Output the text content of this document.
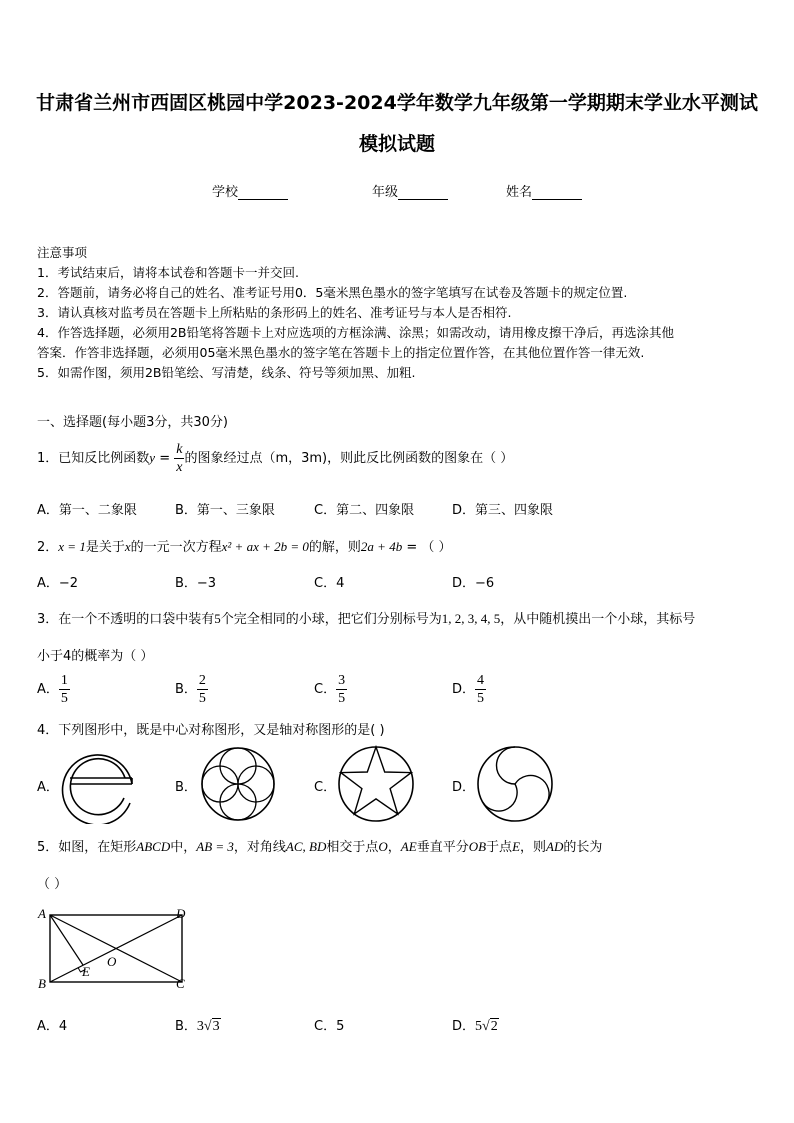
甘肃省兰州市西固区桃园中学2023-2024学年数学九年级第一学期期末学业水平测试
模拟试题
学校	年级	姓名
注意事项
1．考试结束后，请将本试卷和答题卡一并交回.
2．答题前，请务必将自己的姓名、准考证号用0．5毫米黑色墨水的签字笔填写在试卷及答题卡的规定位置.
3．请认真核对监考员在答题卡上所粘贴的条形码上的姓名、准考证号与本人是否相符.
4．作答选择题，必须用2B铅笔将答题卡上对应选项的方框涂满、涂黑；如需改动，请用橡皮擦干净后，再选涂其他
答案．作答非选择题，必须用05毫米黑色墨水的签字笔在答题卡上的指定位置作答，在其他位置作答一律无效.
5．如需作图，须用2B铅笔绘、写清楚，线条、符号等须加黑、加粗.
一、选择题(每小题3分，共30分)
1．已知反比例函数$y = \frac{k}{x}$ 的图象经过点（m，3m)，则此反比例函数的图象在（ ）
A．第一、二象限	B．第一、三象限	C．第二、四象限	D．第三、四象限
2．x = 1是关于x的一元一次方程x² + ax + 2b = 0的解，则2a + 4b = （ ）
A．−2	B．−3	C．4	D．−6
3．在一个不透明的口袋中装有5个完全相同的小球，把它们分别标号为1, 2, 3, 4, 5，从中随机摸出一个小球，其标号
小于4的概率为（ ）
A． $\frac{1}{5}$	B． $\frac{2}{5}$	C． $\frac{3}{5}$	D． $\frac{4}{5}$
4．下列图形中，既是中心对称图形，又是轴对称图形的是( )
A．	B．	C．	D．
5．如图，在矩形ABCD中，AB = 3，对角线AC, BD相交于点O，AE垂直平分OB于点E，则AD的长为
（ ）
A	D
B	C
E
O
A．4	B．3√3	C．5	D．5√2
